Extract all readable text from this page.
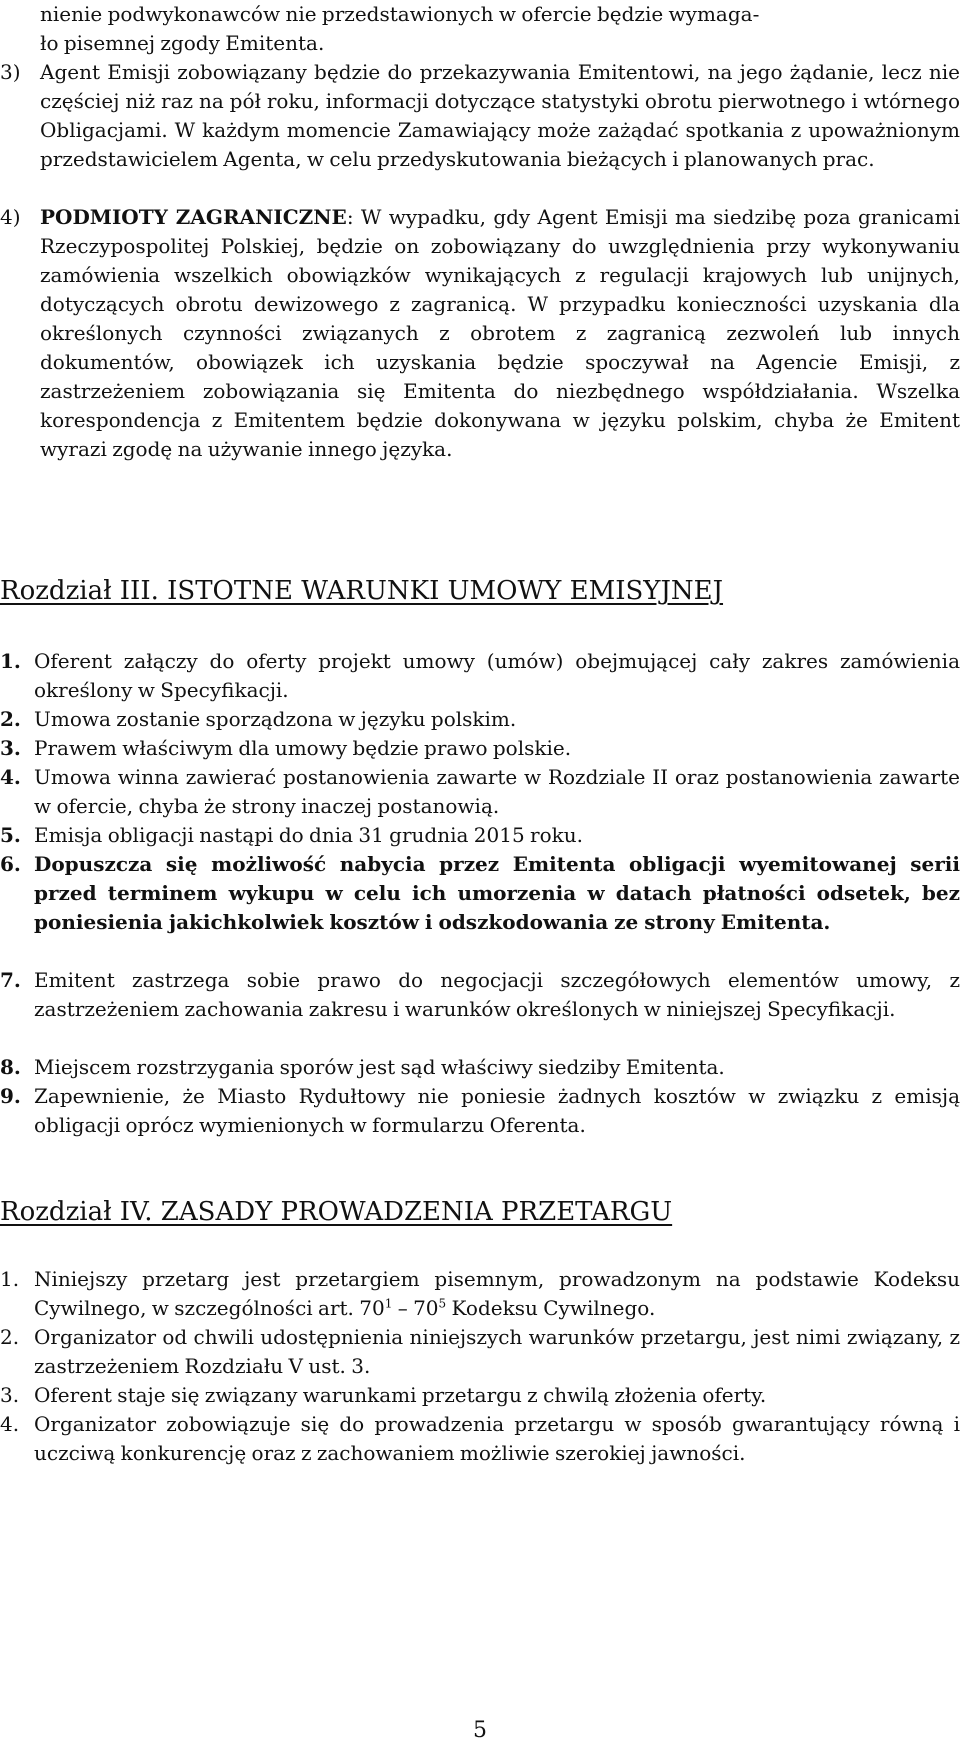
nienie podwykonawców nie przedstawionych w ofercie będzie wymaga-
ło pisemnej zgody Emitenta.
3) Agent Emisji zobowiązany będzie do przekazywania Emitentowi, na jego żądanie, lecz nie częściej niż raz na pół roku, informacji dotyczące statystyki obrotu pierwotnego i wtórnego Obligacjami. W każdym momencie Zamawiający może zażądać spotkania z upoważnionym przedstawicielem Agenta, w celu przedyskutowania bieżących i planowanych prac.
4) PODMIOTY ZAGRANICZNE: W wypadku, gdy Agent Emisji ma siedzibę poza granicami Rzeczypospolitej Polskiej, będzie on zobowiązany do uwzględnienia przy wykonywaniu zamówienia wszelkich obowiązków wynikających z regulacji krajowych lub unijnych, dotyczących obrotu dewizowego z zagranicą. W przypadku konieczności uzyskania dla określonych czynności związanych z obrotem z zagranicą zezwoleń lub innych dokumentów, obowiązek ich uzyskania będzie spoczywał na Agencie Emisji, z zastrzeżeniem zobowiązania się Emitenta do niezbędnego współdziałania. Wszelka korespondencja z Emitentem będzie dokonywana w języku polskim, chyba że Emitent wyrazi zgodę na używanie innego języka.
Rozdział III. ISTOTNE WARUNKI UMOWY EMISYJNEJ
1. Oferent załączy do oferty projekt umowy (umów) obejmującej cały zakres zamówienia określony w Specyfikacji.
2. Umowa zostanie sporządzona w języku polskim.
3. Prawem właściwym dla umowy będzie prawo polskie.
4. Umowa winna zawierać postanowienia zawarte w Rozdziale II oraz postanowienia zawarte w ofercie, chyba że strony inaczej postanowią.
5. Emisja obligacji nastąpi do dnia 31 grudnia 2015 roku.
6. Dopuszcza się możliwość nabycia przez Emitenta obligacji wyemitowanej serii przed terminem wykupu w celu ich umorzenia w datach płatności odsetek, bez poniesienia jakichkolwiek kosztów i odszkodowania ze strony Emitenta.
7. Emitent zastrzega sobie prawo do negocjacji szczegółowych elementów umowy, z zastrzeżeniem zachowania zakresu i warunków określonych w niniejszej Specyfikacji.
8. Miejscem rozstrzygania sporów jest sąd właściwy siedziby Emitenta.
9. Zapewnienie, że Miasto Rydułtowy nie poniesie żadnych kosztów w związku z emisją obligacji oprócz wymienionych w formularzu Oferenta.
Rozdział IV. ZASADY PROWADZENIA PRZETARGU
1. Niniejszy przetarg jest przetargiem pisemnym, prowadzonym na podstawie Kodeksu Cywilnego, w szczególności art. $70^1 - 70^5$ Kodeksu Cywilnego.
2. Organizator od chwili udostępnienia niniejszych warunków przetargu, jest nimi związany, z zastrzeżeniem Rozdziału V ust. 3.
3. Oferent staje się związany warunkami przetargu z chwilą złożenia oferty.
4. Organizator zobowiązuje się do prowadzenia przetargu w sposób gwarantujący równą i uczciwą konkurencję oraz z zachowaniem możliwie szerokiej jawności.
5
